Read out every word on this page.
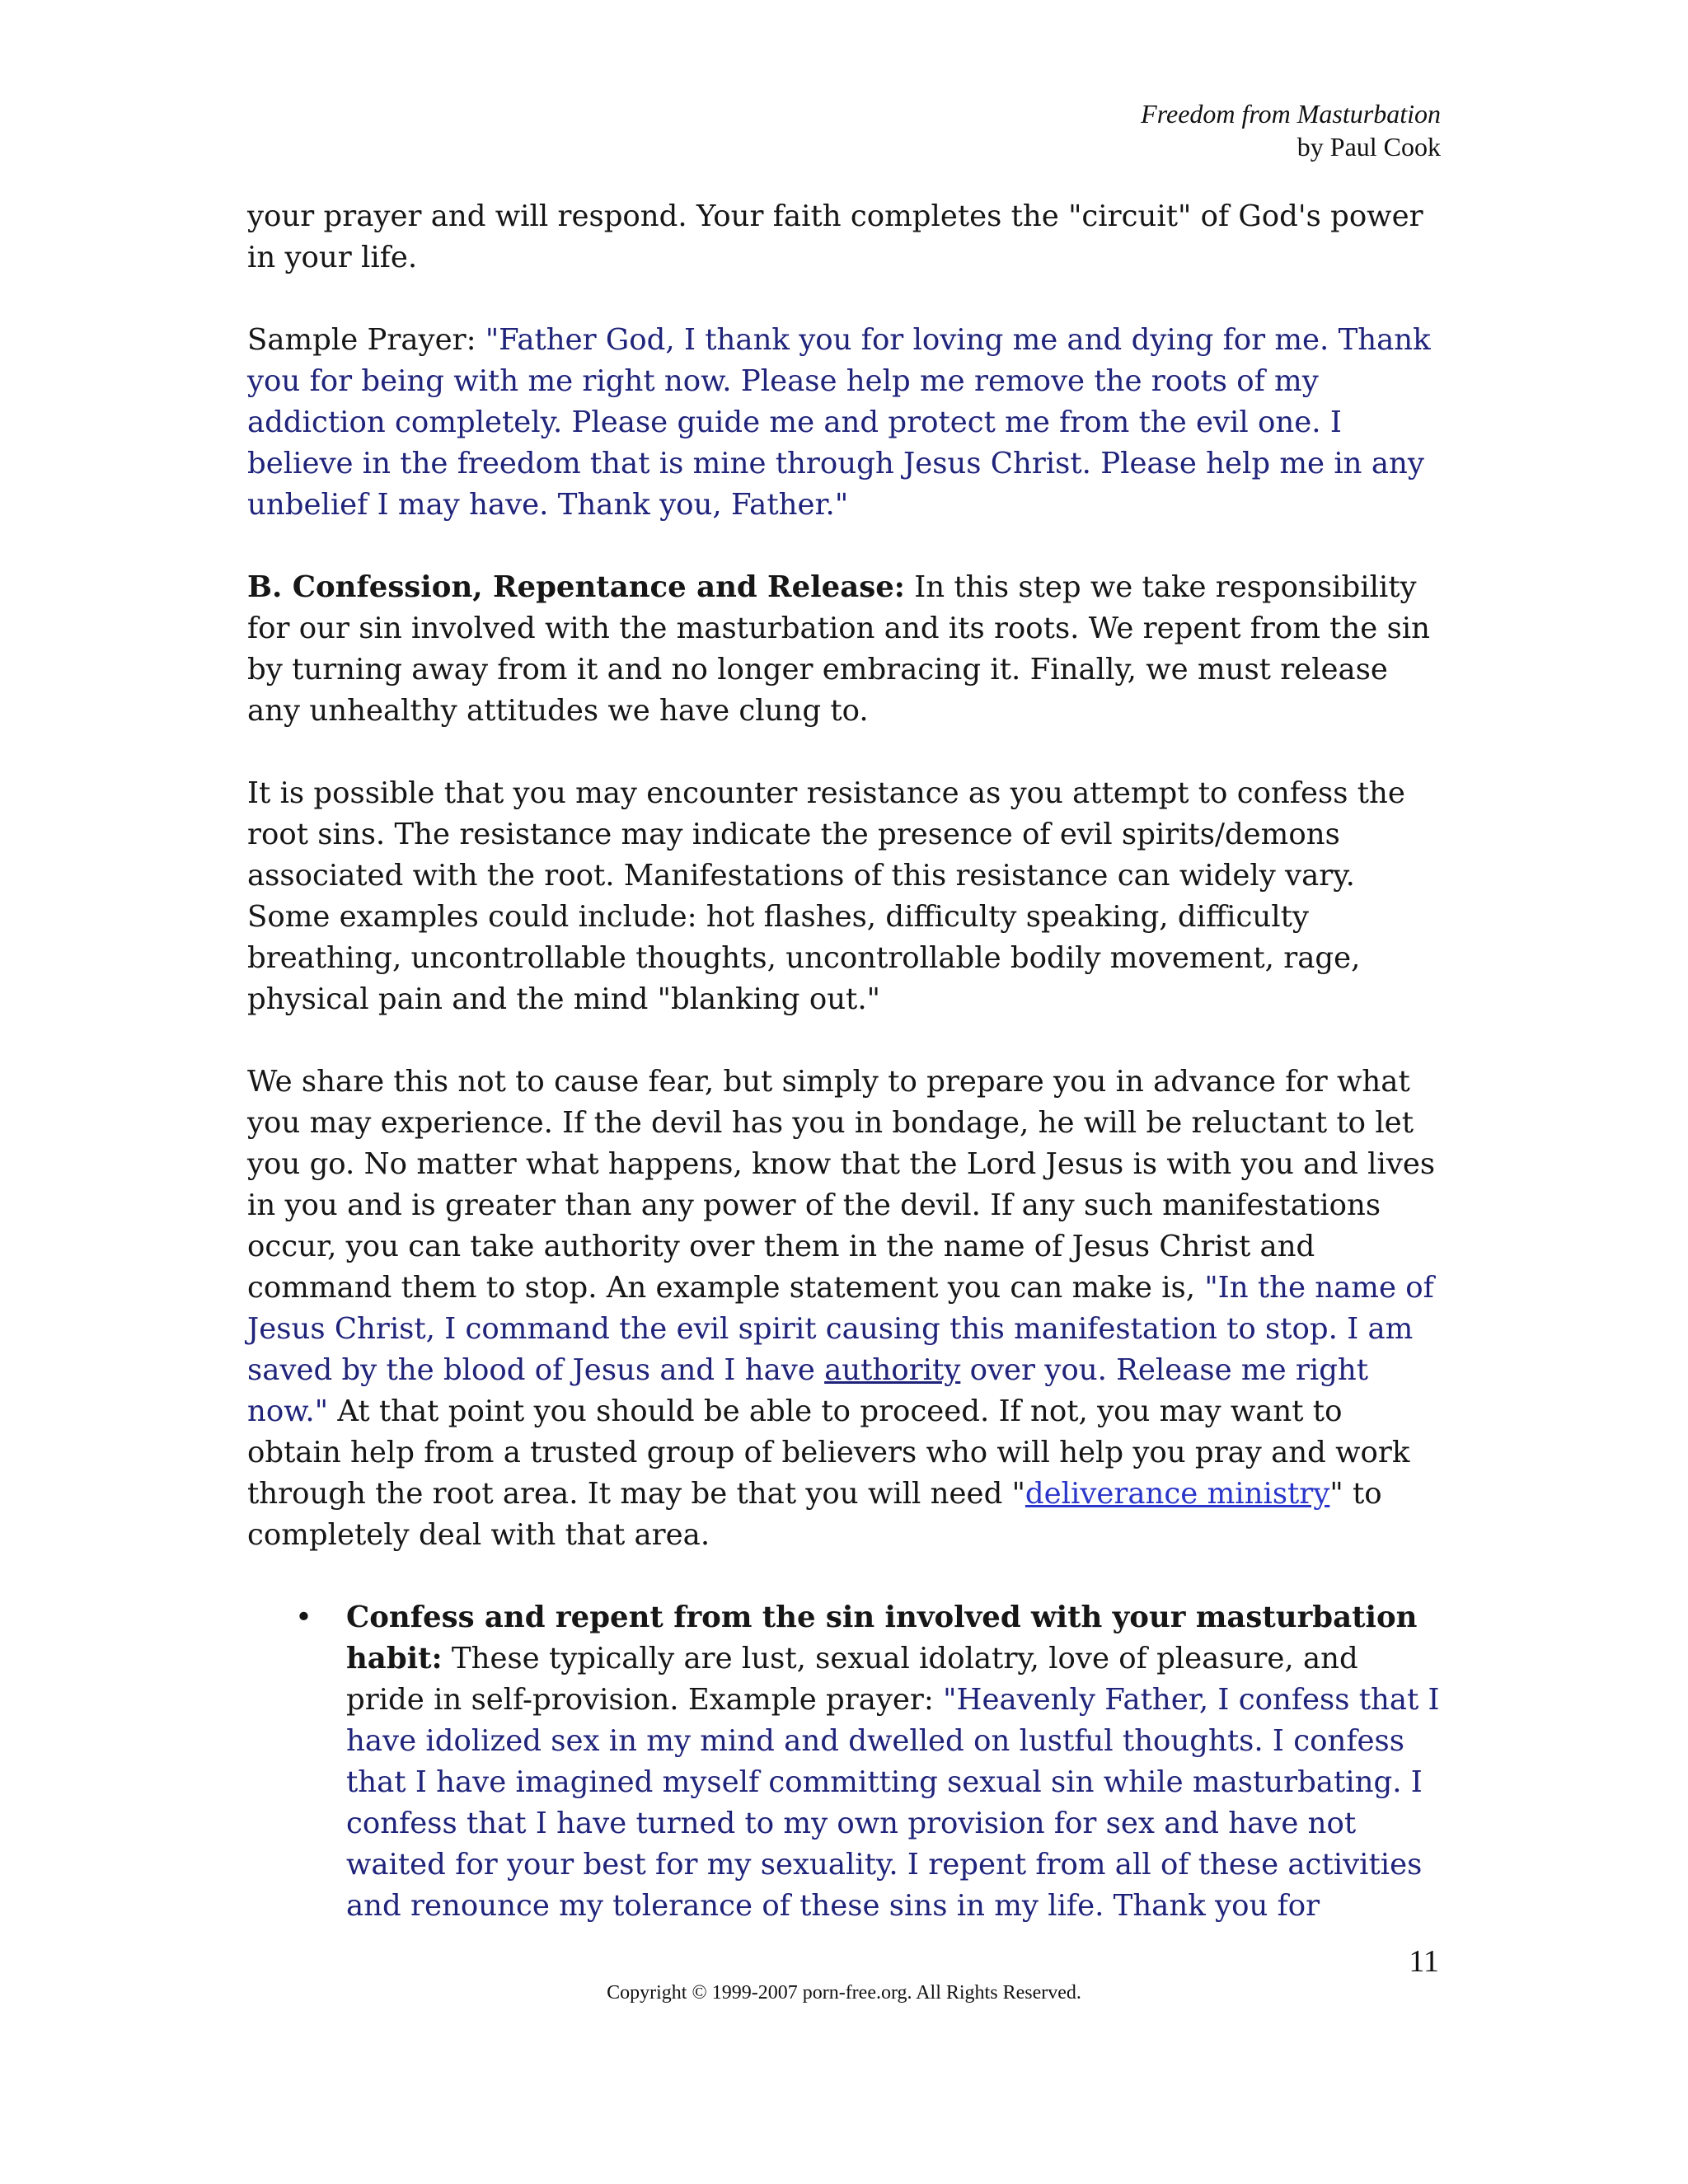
Freedom from Masturbation
by Paul Cook

your prayer and will respond. Your faith completes the "circuit" of God's power in your life.

Sample Prayer: "Father God, I thank you for loving me and dying for me. Thank you for being with me right now. Please help me remove the roots of my addiction completely. Please guide me and protect me from the evil one. I believe in the freedom that is mine through Jesus Christ. Please help me in any unbelief I may have. Thank you, Father."

B. Confession, Repentance and Release: In this step we take responsibility for our sin involved with the masturbation and its roots. We repent from the sin by turning away from it and no longer embracing it. Finally, we must release any unhealthy attitudes we have clung to.

It is possible that you may encounter resistance as you attempt to confess the root sins. The resistance may indicate the presence of evil spirits/demons associated with the root. Manifestations of this resistance can widely vary. Some examples could include: hot flashes, difficulty speaking, difficulty breathing, uncontrollable thoughts, uncontrollable bodily movement, rage, physical pain and the mind "blanking out."

We share this not to cause fear, but simply to prepare you in advance for what you may experience. If the devil has you in bondage, he will be reluctant to let you go. No matter what happens, know that the Lord Jesus is with you and lives in you and is greater than any power of the devil. If any such manifestations occur, you can take authority over them in the name of Jesus Christ and command them to stop. An example statement you can make is, "In the name of Jesus Christ, I command the evil spirit causing this manifestation to stop. I am saved by the blood of Jesus and I have authority over you. Release me right now." At that point you should be able to proceed. If not, you may want to obtain help from a trusted group of believers who will help you pray and work through the root area. It may be that you will need "deliverance ministry" to completely deal with that area.

• Confess and repent from the sin involved with your masturbation habit: These typically are lust, sexual idolatry, love of pleasure, and pride in self-provision. Example prayer: "Heavenly Father, I confess that I have idolized sex in my mind and dwelled on lustful thoughts. I confess that I have imagined myself committing sexual sin while masturbating. I confess that I have turned to my own provision for sex and have not waited for your best for my sexuality. I repent from all of these activities and renounce my tolerance of these sins in my life. Thank you for
11
Copyright © 1999-2007 porn-free.org. All Rights Reserved.
